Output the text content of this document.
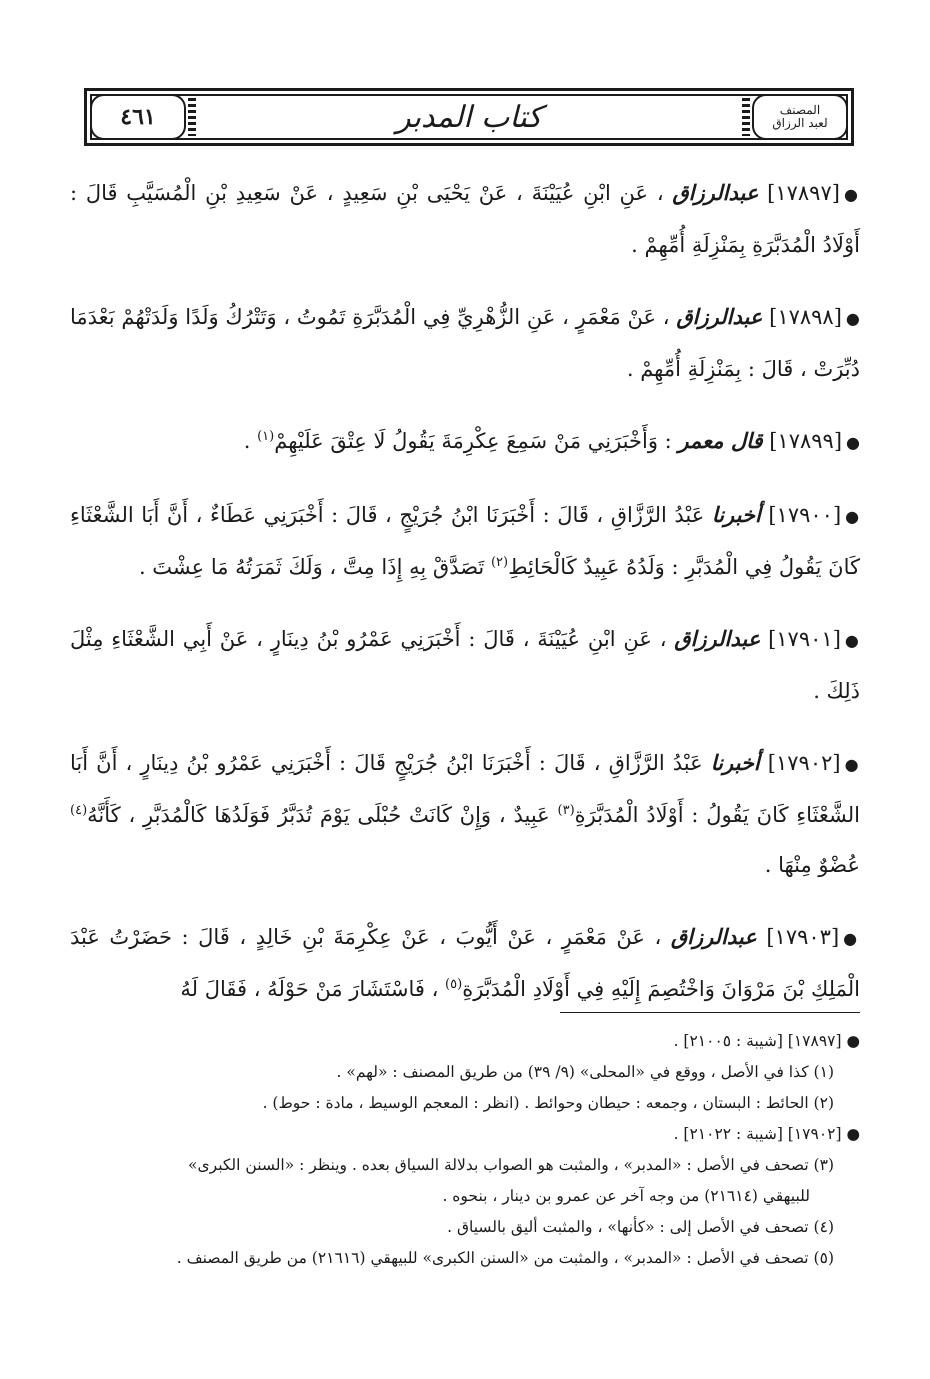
٤٦١	كتاب المدبر	المصنف
لعبد الرزاق

●[١٧٨٩٧] عبدالرزاق ، عَنِ ابْنِ عُيَيْنَةَ ، عَنْ يَحْيَى بْنِ سَعِيدٍ ، عَنْ سَعِيدِ بْنِ الْمُسَيَّبِ قَالَ : أَوْلَادُ الْمُدَبَّرَةِ بِمَنْزِلَةِ أُمِّهِمْ .

●[١٧٨٩٨] عبدالرزاق ، عَنْ مَعْمَرٍ ، عَنِ الزُّهْرِيِّ فِي الْمُدَبَّرَةِ تَمُوتُ ، وَتَتْرُكُ وَلَدًا وَلَدَتْهُمْ بَعْدَمَا دُبِّرَتْ ، قَالَ : بِمَنْزِلَةِ أُمِّهِمْ .

●[١٧٨٩٩] قال معمر : وَأَخْبَرَنِي مَنْ سَمِعَ عِكْرِمَةَ يَقُولُ لَا عِتْقَ عَلَيْهِمْ$^{(١)}$ .

●[١٧٩٠٠] أخبرنا عَبْدُ الرَّزَّاقِ ، قَالَ : أَخْبَرَنَا ابْنُ جُرَيْجٍ ، قَالَ : أَخْبَرَنِي عَطَاءٌ ، أَنَّ أَبَا الشَّعْثَاءِ كَانَ يَقُولُ فِي الْمُدَبَّرِ : وَلَدُهُ عَبِيدٌ كَالْحَائِطِ$^{(٢)}$ تَصَدَّقْ بِهِ إِذَا مِتَّ ، وَلَكَ ثَمَرَتُهُ مَا عِشْتَ .

●[١٧٩٠١] عبدالرزاق ، عَنِ ابْنِ عُيَيْنَةَ ، قَالَ : أَخْبَرَنِي عَمْرُو بْنُ دِينَارٍ ، عَنْ أَبِي الشَّعْثَاءِ مِثْلَ ذَلِكَ .

●[١٧٩٠٢] أخبرنا عَبْدُ الرَّزَّاقِ ، قَالَ : أَخْبَرَنَا ابْنُ جُرَيْجٍ قَالَ : أَخْبَرَنِي عَمْرُو بْنُ دِينَارٍ ، أَنَّ أَبَا الشَّعْثَاءِ كَانَ يَقُولُ : أَوْلَادُ الْمُدَبَّرَةِ$^{(٣)}$ عَبِيدٌ ، وَإِنْ كَانَتْ حُبْلَى يَوْمَ تُدَبَّرُ فَوَلَدُهَا كَالْمُدَبَّرِ ، كَأَنَّهُ$^{(٤)}$ عُضْوٌ مِنْهَا .

●[١٧٩٠٣] عبدالرزاق ، عَنْ مَعْمَرٍ ، عَنْ أَيُّوبَ ، عَنْ عِكْرِمَةَ بْنِ خَالِدٍ ، قَالَ : حَضَرْتُ عَبْدَ الْمَلِكِ بْنَ مَرْوَانَ وَاخْتُصِمَ إِلَيْهِ فِي أَوْلَادِ الْمُدَبَّرَةِ$^{(٥)}$ ، فَاسْتَشَارَ مَنْ حَوْلَهُ ، فَقَالَ لَهُ

● [١٧٨٩٧] [شيبة : ٢١٠٠٥] .

(١) كذا في الأصل ، ووقع في «المحلى» (٩/ ٣٩) من طريق المصنف : «لهم» .

(٢) الحائط : البستان ، وجمعه : حيطان وحوائط . (انظر : المعجم الوسيط ، مادة : حوط) .

● [١٧٩٠٢] [شيبة : ٢١٠٢٢] .

(٣) تصحف في الأصل : «المدبر» ، والمثبت هو الصواب بدلالة السياق بعده . وينظر : «السنن الكبرى»

للبيهقي (٢١٦١٤) من وجه آخر عن عمرو بن دينار ، بنحوه .

(٤) تصحف في الأصل إلى : «كأنها» ، والمثبت أليق بالسياق .

(٥) تصحف في الأصل : «المدبر» ، والمثبت من «السنن الكبرى» للبيهقي (٢١٦١٦) من طريق المصنف .
